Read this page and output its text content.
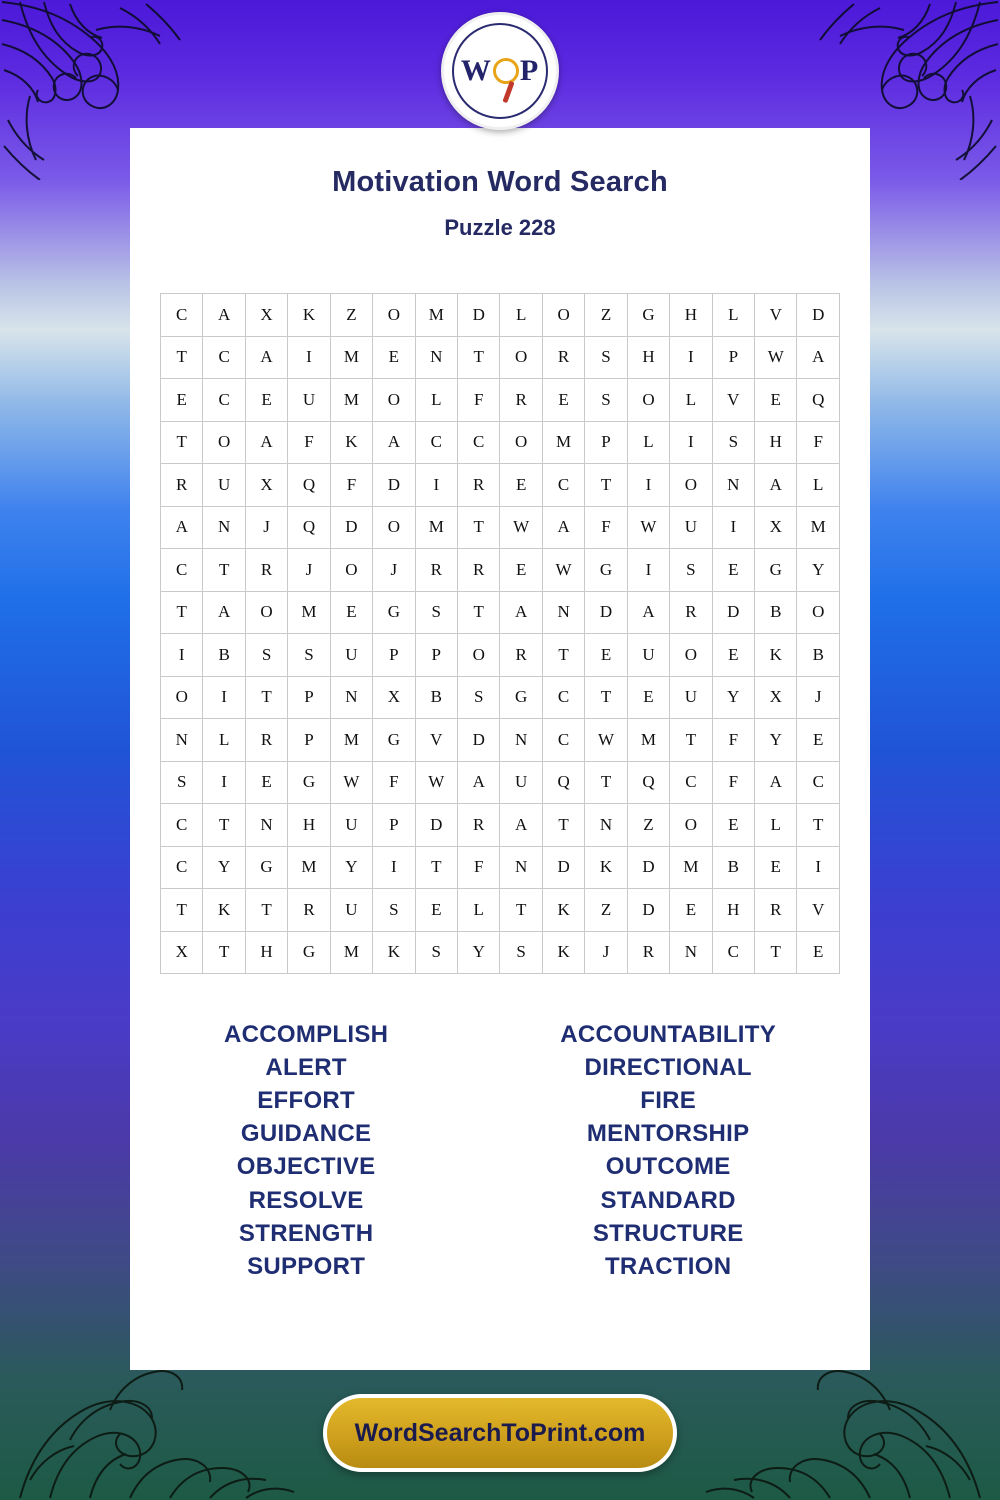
W P
Motivation Word Search
Puzzle 228
C	A	X	K	Z	O	M	D	L	O	Z	G	H	L	V	D
T	C	A	I	M	E	N	T	O	R	S	H	I	P	W	A
E	C	E	U	M	O	L	F	R	E	S	O	L	V	E	Q
T	O	A	F	K	A	C	C	O	M	P	L	I	S	H	F
R	U	X	Q	F	D	I	R	E	C	T	I	O	N	A	L
A	N	J	Q	D	O	M	T	W	A	F	W	U	I	X	M
C	T	R	J	O	J	R	R	E	W	G	I	S	E	G	Y
T	A	O	M	E	G	S	T	A	N	D	A	R	D	B	O
I	B	S	S	U	P	P	O	R	T	E	U	O	E	K	B
O	I	T	P	N	X	B	S	G	C	T	E	U	Y	X	J
N	L	R	P	M	G	V	D	N	C	W	M	T	F	Y	E
S	I	E	G	W	F	W	A	U	Q	T	Q	C	F	A	C
C	T	N	H	U	P	D	R	A	T	N	Z	O	E	L	T
C	Y	G	M	Y	I	T	F	N	D	K	D	M	B	E	I
T	K	T	R	U	S	E	L	T	K	Z	D	E	H	R	V
X	T	H	G	M	K	S	Y	S	K	J	R	N	C	T	E
ACCOMPLISH
ALERT
EFFORT
GUIDANCE
OBJECTIVE
RESOLVE
STRENGTH
SUPPORT
ACCOUNTABILITY
DIRECTIONAL
FIRE
MENTORSHIP
OUTCOME
STANDARD
STRUCTURE
TRACTION
WordSearchToPrint.com
